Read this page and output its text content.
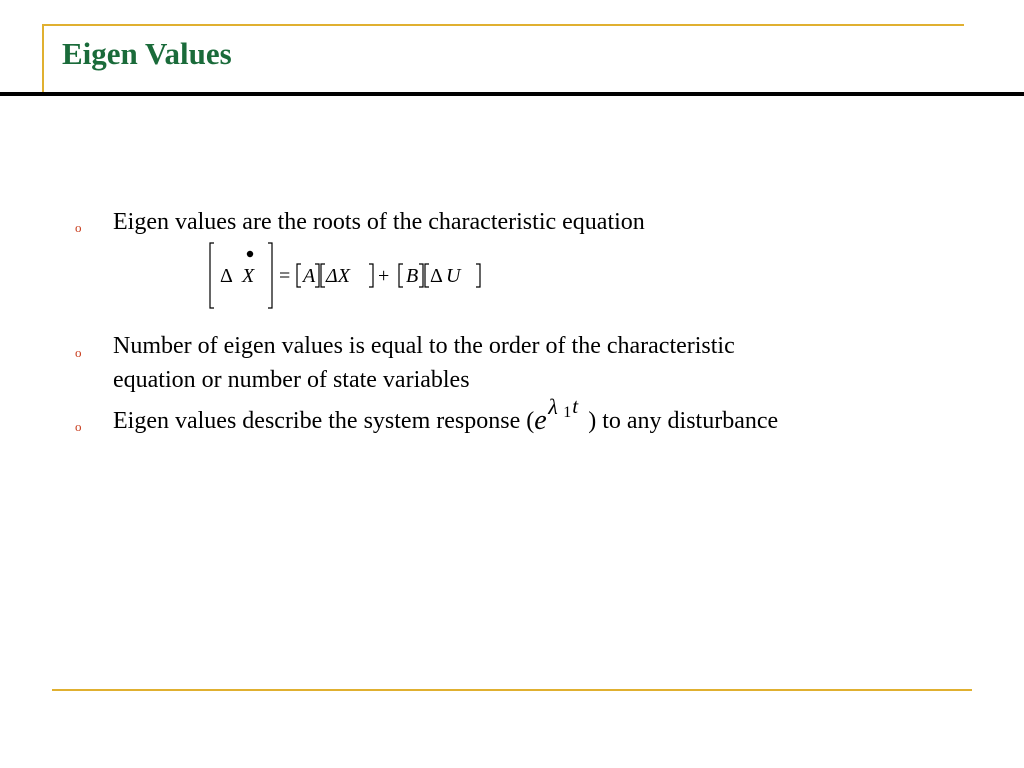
Eigen Values
o Eigen values are the roots of the characteristic equation
Δ X = A ΔX + B Δ U
o Number of eigen values is equal to the order of the characteristic
equation or number of state variables
o Eigen values describe the system response ( e λ 1 t
) to any disturbance
